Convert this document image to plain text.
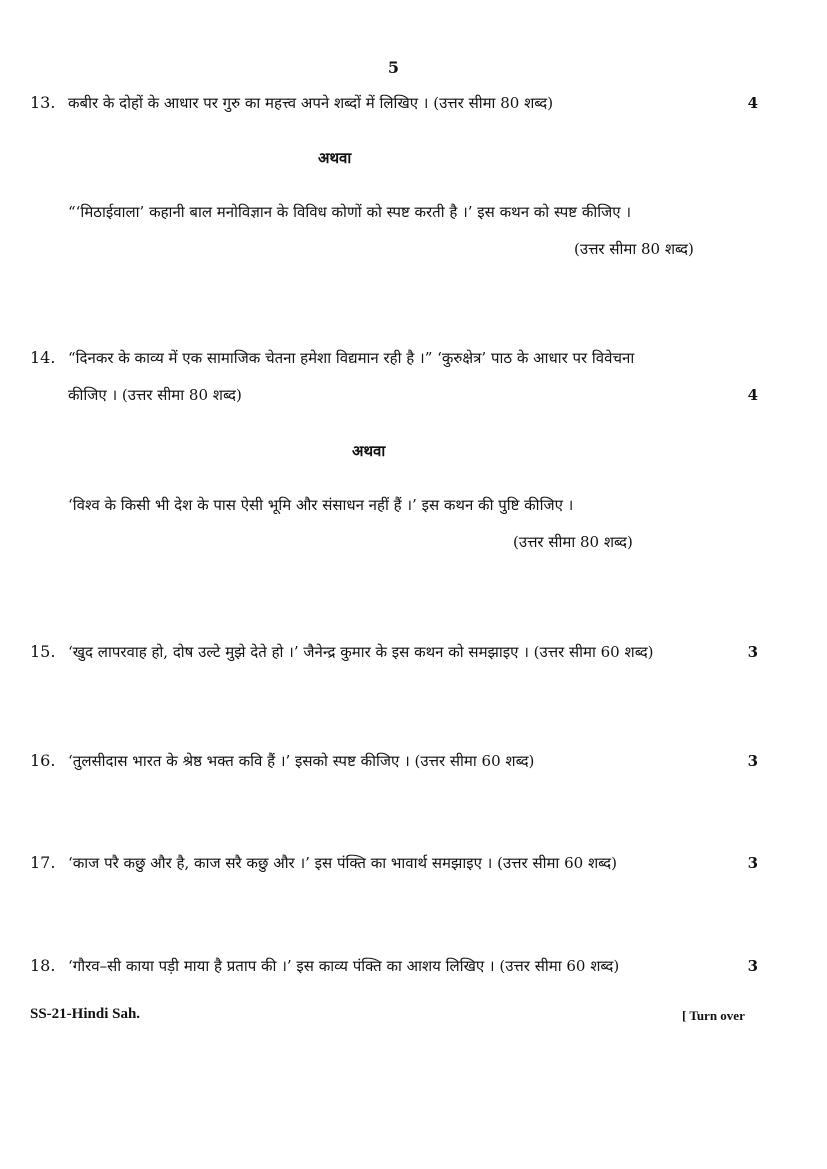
5
13. कबीर के दोहों के आधार पर गुरु का महत्त्व अपने शब्दों में लिखिए । (उत्तर सीमा 80 शब्द)	4
अथवा
“‘मिठाईवाला’ कहानी बाल मनोविज्ञान के विविध कोणों को स्पष्ट करती है ।’ इस कथन को स्पष्ट कीजिए ।
(उत्तर सीमा 80 शब्द)
14. “दिनकर के काव्य में एक सामाजिक चेतना हमेशा विद्यमान रही है ।” ‘कुरुक्षेत्र’ पाठ के आधार पर विवेचना
कीजिए । (उत्तर सीमा 80 शब्द)	4
अथवा
‘विश्व के किसी भी देश के पास ऐसी भूमि और संसाधन नहीं हैं ।’ इस कथन की पुष्टि कीजिए ।
(उत्तर सीमा 80 शब्द)
15. ‘खुद लापरवाह हो, दोष उल्टे मुझे देते हो ।’ जैनेन्द्र कुमार के इस कथन को समझाइए । (उत्तर सीमा 60 शब्द)	3
16. ‘तुलसीदास भारत के श्रेष्ठ भक्त कवि हैं ।’ इसको स्पष्ट कीजिए । (उत्तर सीमा 60 शब्द)	3
17. ‘काज परै कछु और है, काज सरै कछु और ।’ इस पंक्ति का भावार्थ समझाइए । (उत्तर सीमा 60 शब्द)	3
18. ‘गौरव–सी काया पड़ी माया है प्रताप की ।’ इस काव्य पंक्ति का आशय लिखिए । (उत्तर सीमा 60 शब्द)	3
SS-21-Hindi Sah.	[ Turn over
